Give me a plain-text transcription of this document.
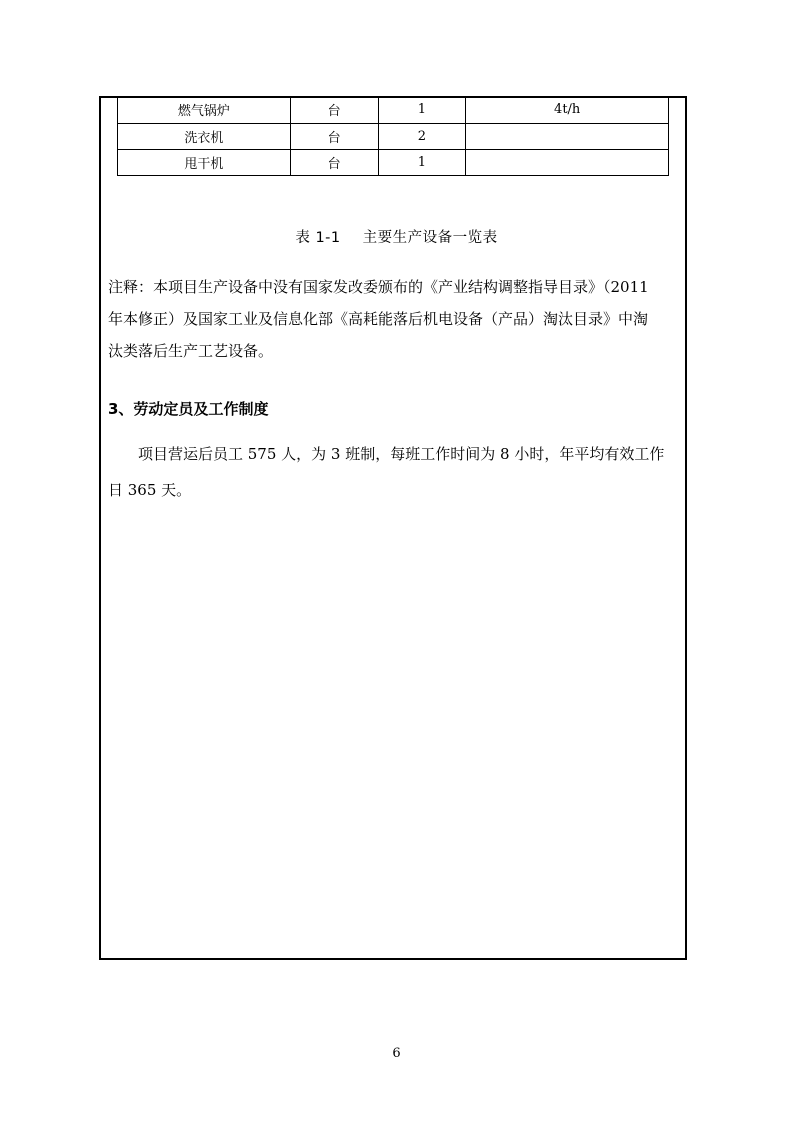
燃气锅炉	台	1	4t/h
洗衣机	台	2	
甩干机	台	1	
表 1-1 主要生产设备一览表
注释：本项目生产设备中没有国家发改委颁布的《产业结构调整指导目录》（2011
年本修正）及国家工业及信息化部《高耗能落后机电设备（产品）淘汰目录》中淘
汰类落后生产工艺设备。
3、劳动定员及工作制度
项目营运后员工 575 人，为 3 班制，每班工作时间为 8 小时，年平均有效工作
日 365 天。
6
